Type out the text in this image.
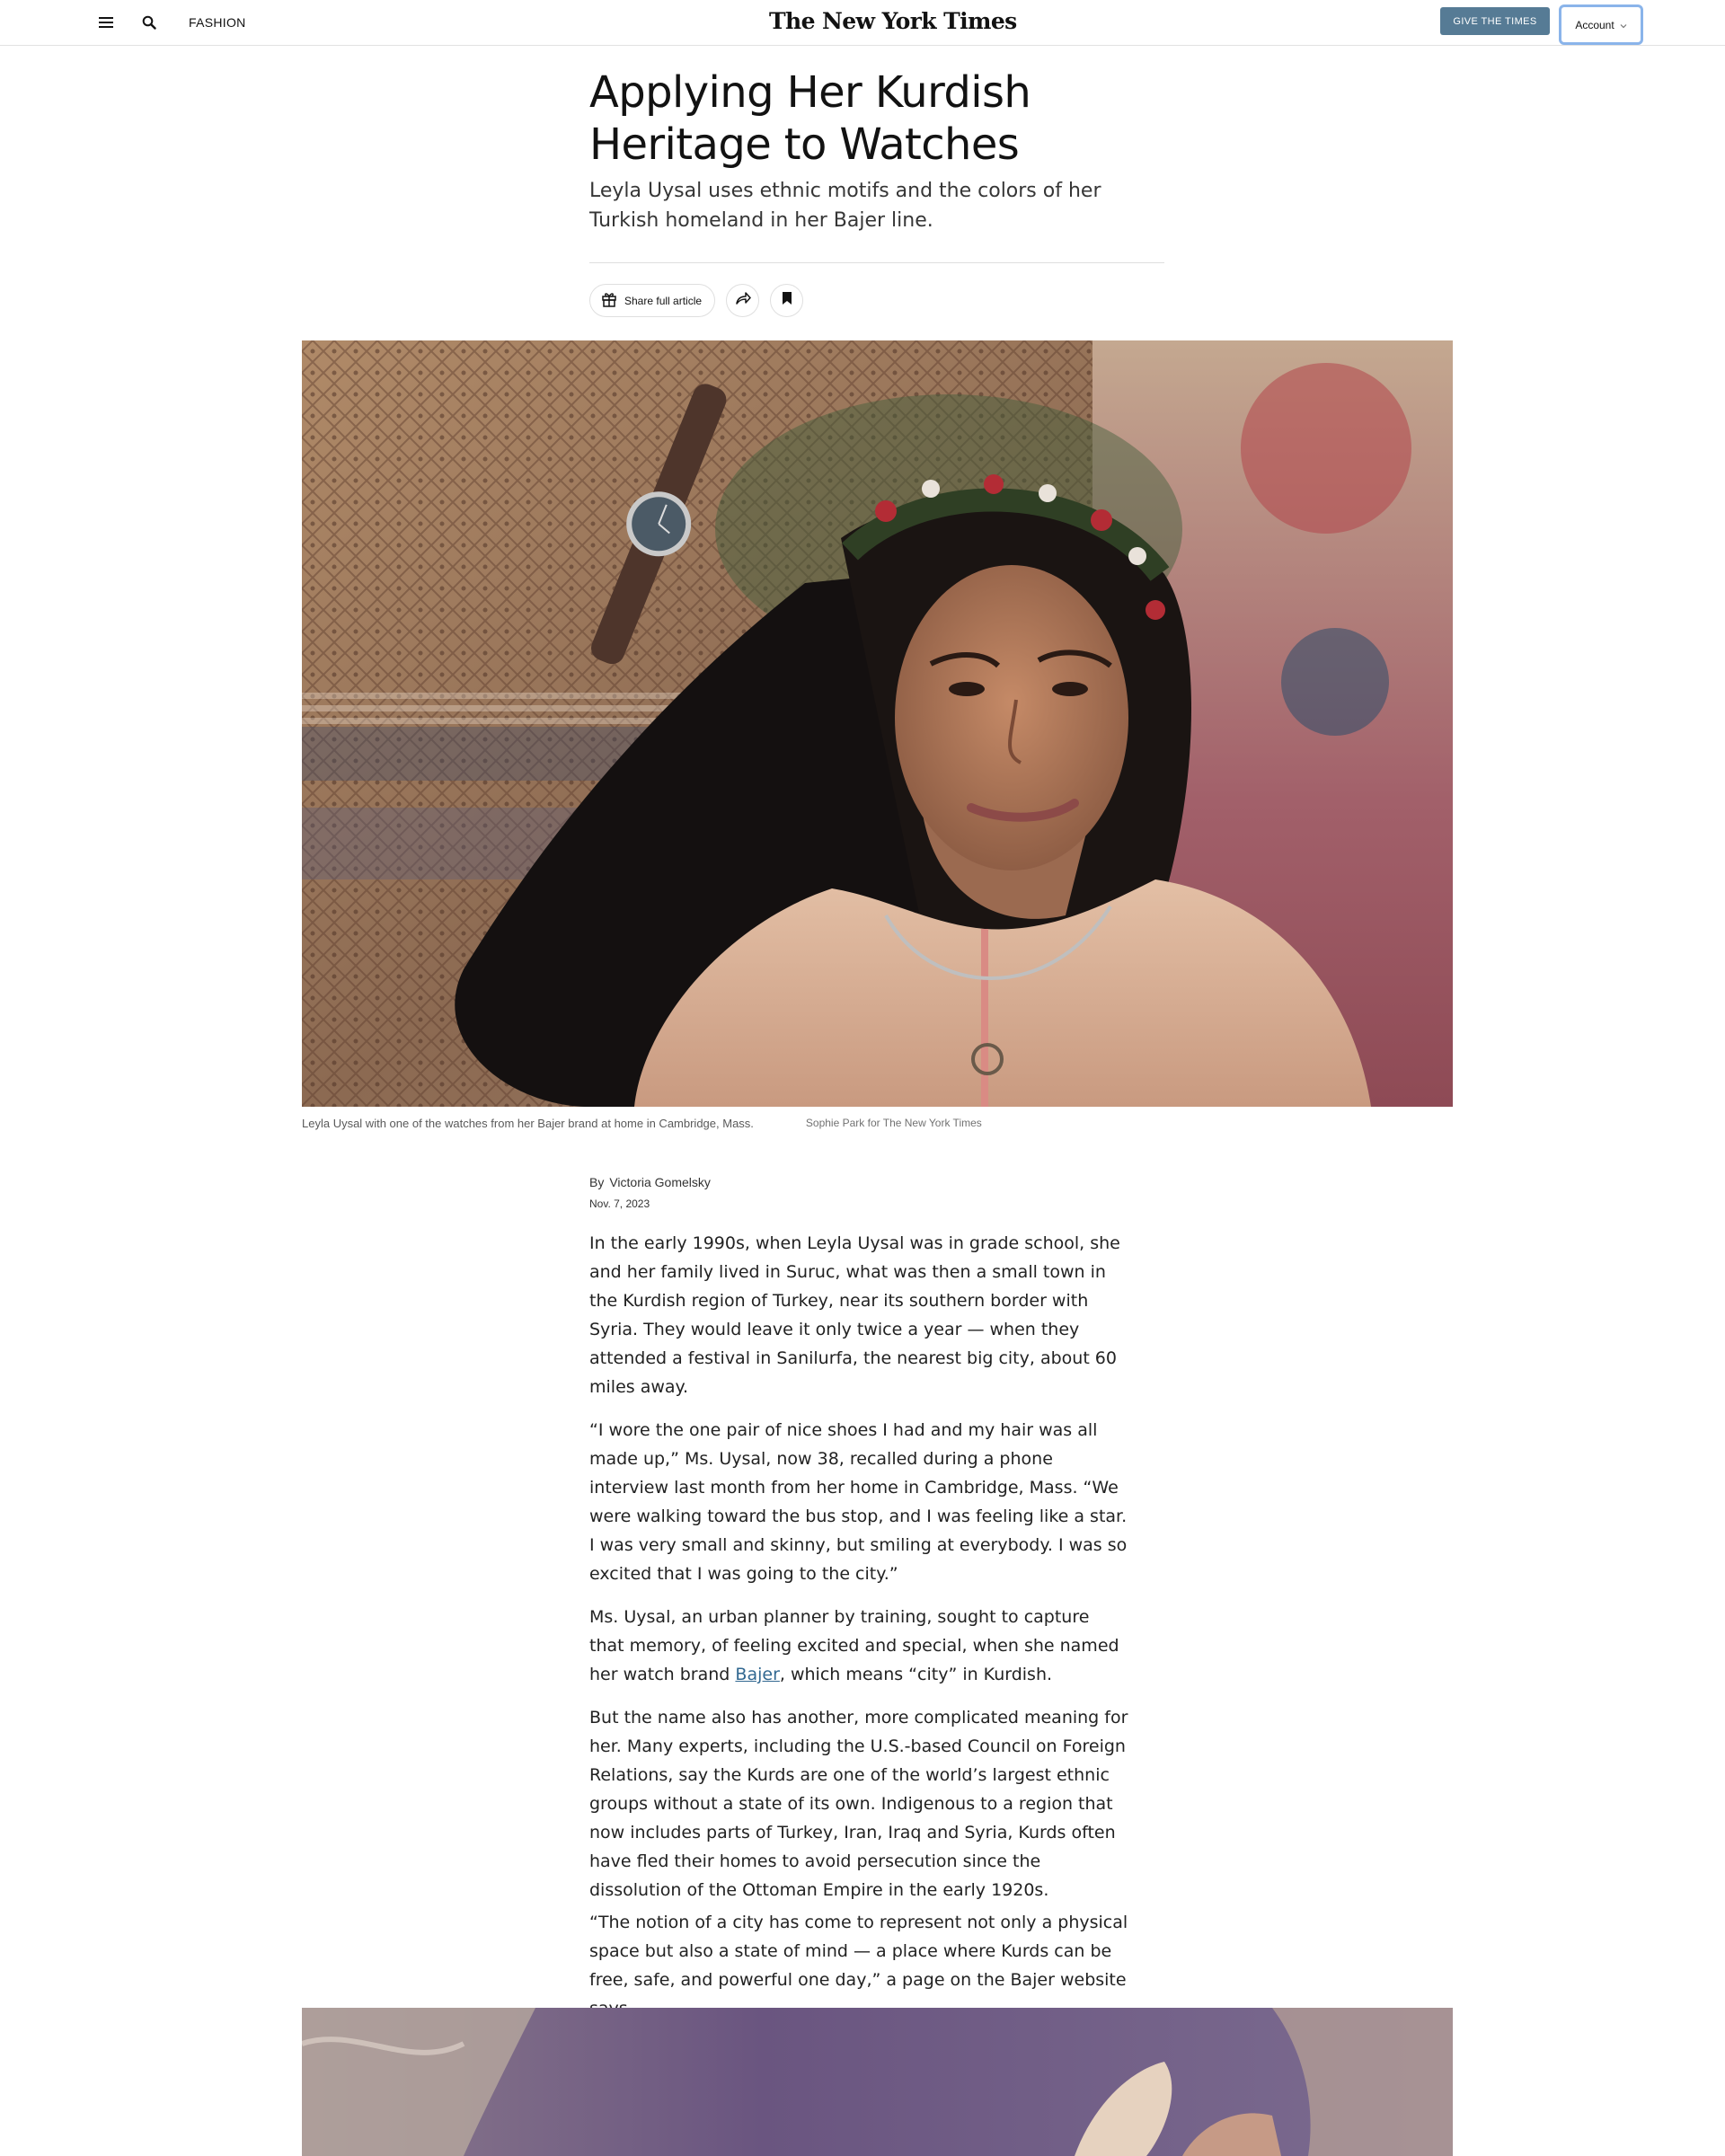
FASHION	The New York Times	GIVE THE TIMES	Account
Applying Her Kurdish Heritage to Watches

Leyla Uysal uses ethnic motifs and the colors of her Turkish homeland in her Bajer line.

Share full article
Leyla Uysal with one of the watches from her Bajer brand at home in Cambridge, Mass.	Sophie Park for The New York Times
By Victoria Gomelsky
Nov. 7, 2023

In the early 1990s, when Leyla Uysal was in grade school, she and her family lived in Suruc, what was then a small town in the Kurdish region of Turkey, near its southern border with Syria. They would leave it only twice a year — when they attended a festival in Sanilurfa, the nearest big city, about 60 miles away.

“I wore the one pair of nice shoes I had and my hair was all made up,” Ms. Uysal, now 38, recalled during a phone interview last month from her home in Cambridge, Mass. “We were walking toward the bus stop, and I was feeling like a star. I was very small and skinny, but smiling at everybody. I was so excited that I was going to the city.”

Ms. Uysal, an urban planner by training, sought to capture that memory, of feeling excited and special, when she named her watch brand Bajer, which means “city” in Kurdish.

But the name also has another, more complicated meaning for her. Many experts, including the U.S.-based Council on Foreign Relations, say the Kurds are one of the world’s largest ethnic groups without a state of its own. Indigenous to a region that now includes parts of Turkey, Iran, Iraq and Syria, Kurds often have fled their homes to avoid persecution since the dissolution of the Ottoman Empire in the early 1920s.

“The notion of a city has come to represent not only a physical space but also a state of mind — a place where Kurds can be free, safe, and powerful one day,” a page on the Bajer website
